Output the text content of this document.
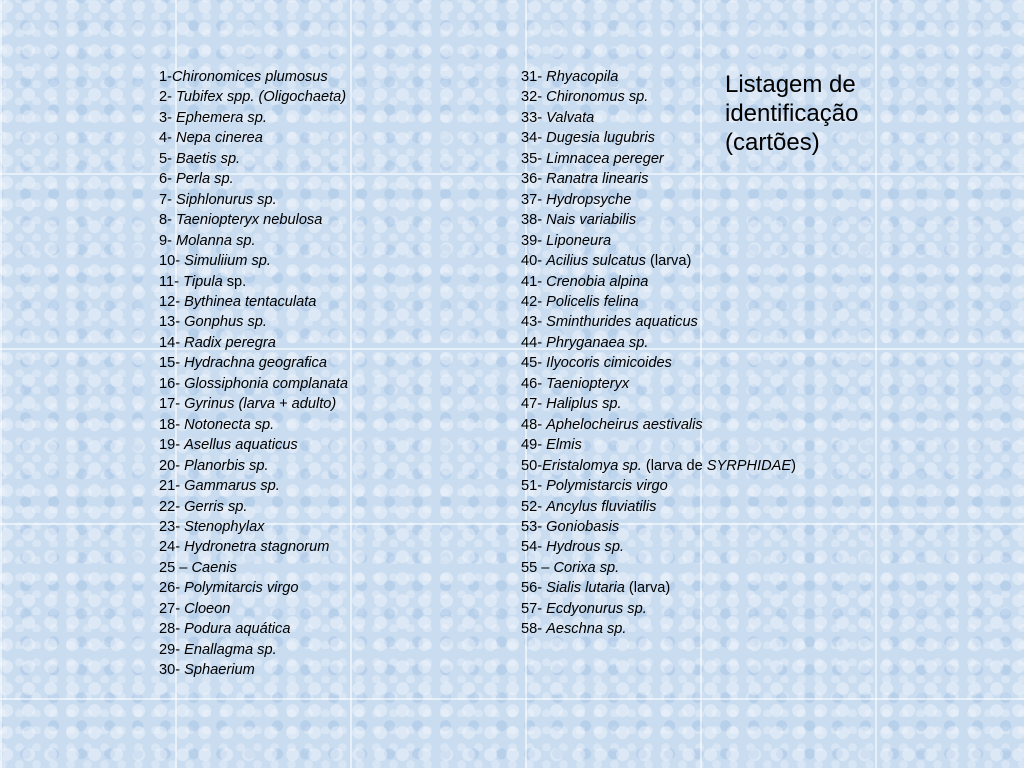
Listagem de
identificação
(cartões)
1-Chironomices plumosus
2- Tubifex spp. (Oligochaeta)
3- Ephemera sp.
4- Nepa cinerea
5- Baetis sp.
6- Perla sp.
7- Siphlonurus sp.
8- Taeniopteryx nebulosa
9- Molanna sp.
10- Simuliium sp.
11- Tipula sp.
12- Bythinea tentaculata
13- Gonphus sp.
14- Radix peregra
15- Hydrachna geografica
16- Glossiphonia complanata
17- Gyrinus (larva + adulto)
18- Notonecta sp.
19- Asellus aquaticus
20- Planorbis sp.
21- Gammarus sp.
22- Gerris sp.
23- Stenophylax
24- Hydronetra stagnorum
25 – Caenis
26- Polymitarcis virgo
27- Cloeon
28- Podura aquática
29- Enallagma sp.
30- Sphaerium
31- Rhyacopila
32- Chironomus sp.
33- Valvata
34- Dugesia lugubris
35- Limnacea pereger
36- Ranatra linearis
37- Hydropsyche
38- Nais variabilis
39- Liponeura
40- Acilius sulcatus (larva)
41- Crenobia alpina
42- Policelis felina
43- Sminthurides aquaticus
44- Phryganaea sp.
45- Ilyocoris cimicoides
46- Taeniopteryx
47- Haliplus sp.
48- Aphelocheirus aestivalis
49- Elmis
50-Eristalomya sp. (larva de SYRPHIDAE)
51- Polymistarcis virgo
52- Ancylus fluviatilis
53- Goniobasis
54- Hydrous sp.
55 – Corixa sp.
56- Sialis lutaria (larva)
57- Ecdyonurus sp.
58- Aeschna sp.
